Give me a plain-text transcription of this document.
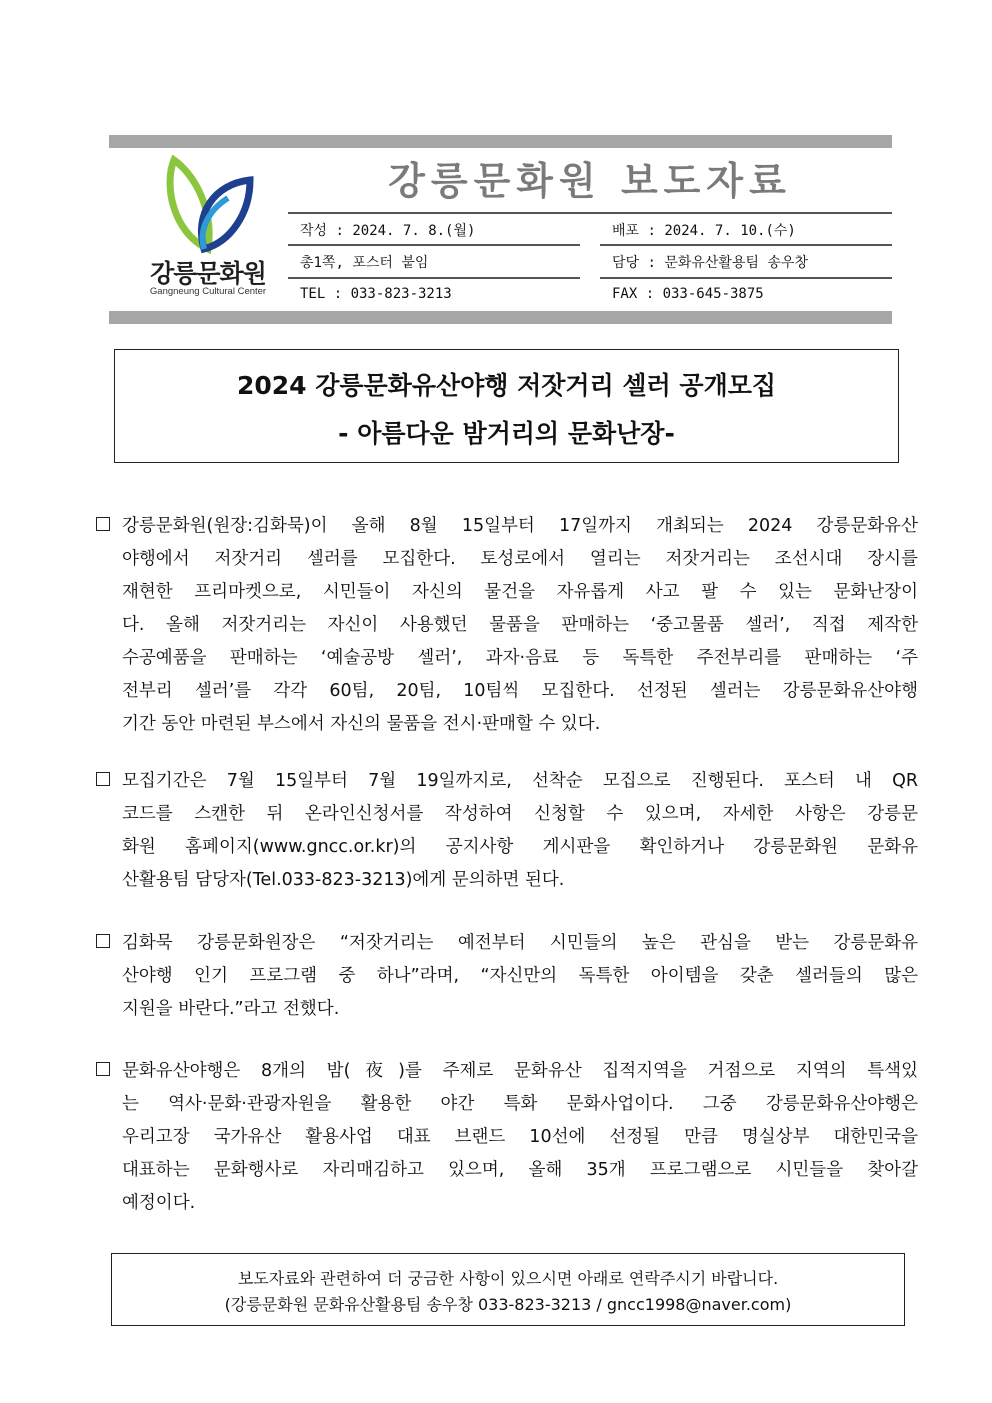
강릉문화원
Gangneung Cultural Center
강릉문화원 보도자료
작성 : 2024. 7. 8.(월)	배포 : 2024. 7. 10.(수)
총1쪽, 포스터 붙임	담당 : 문화유산활용팀 송우창
TEL : 033-823-3213	FAX : 033-645-3875
2024 강릉문화유산야행 저잣거리 셀러 공개모집
- 아름다운 밤거리의 문화난장-
강릉문화원(원장:김화묵)이 올해 8월 15일부터 17일까지 개최되는 2024 강릉문화유산
야행에서 저잣거리 셀러를 모집한다. 토성로에서 열리는 저잣거리는 조선시대 장시를
재현한 프리마켓으로, 시민들이 자신의 물건을 자유롭게 사고 팔 수 있는 문화난장이
다. 올해 저잣거리는 자신이 사용했던 물품을 판매하는 ‘중고물품 셀러’, 직접 제작한
수공예품을 판매하는 ‘예술공방 셀러’, 과자·음료 등 독특한 주전부리를 판매하는 ‘주
전부리 셀러’를 각각 60팀, 20팀, 10팀씩 모집한다. 선정된 셀러는 강릉문화유산야행
기간 동안 마련된 부스에서 자신의 물품을 전시·판매할 수 있다.
모집기간은 7월 15일부터 7월 19일까지로, 선착순 모집으로 진행된다. 포스터 내 QR
코드를 스캔한 뒤 온라인신청서를 작성하여 신청할 수 있으며, 자세한 사항은 강릉문
화원 홈페이지(www.gncc.or.kr)의 공지사항 게시판을 확인하거나 강릉문화원 문화유
산활용팀 담당자(Tel.033-823-3213)에게 문의하면 된다.
김화묵 강릉문화원장은 “저잣거리는 예전부터 시민들의 높은 관심을 받는 강릉문화유
산야행 인기 프로그램 중 하나”라며, “자신만의 독특한 아이템을 갖춘 셀러들의 많은
지원을 바란다.”라고 전했다.
문화유산야행은 8개의 밤(夜)를 주제로 문화유산 집적지역을 거점으로 지역의 특색있
는 역사·문화·관광자원을 활용한 야간 특화 문화사업이다. 그중 강릉문화유산야행은
우리고장 국가유산 활용사업 대표 브랜드 10선에 선정될 만큼 명실상부 대한민국을
대표하는 문화행사로 자리매김하고 있으며, 올해 35개 프로그램으로 시민들을 찾아갈
예정이다.
보도자료와 관련하여 더 궁금한 사항이 있으시면 아래로 연락주시기 바랍니다.
(강릉문화원 문화유산활용팀 송우창 033-823-3213 / gncc1998@naver.com)
